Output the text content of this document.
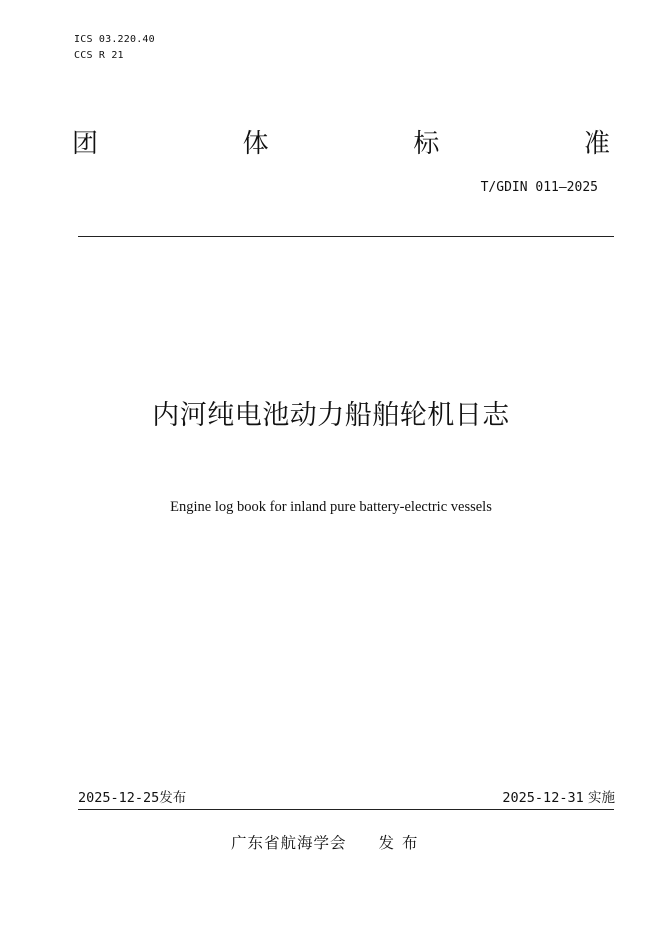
ICS 03.220.40
CCS R 21
团	体	标	准
T/GDIN 011—2025
内河纯电池动力船舶轮机日志
Engine log book for inland pure battery-electric vessels
2025-12-25发布	2025-12-31 实施
广东省航海学会 发布
